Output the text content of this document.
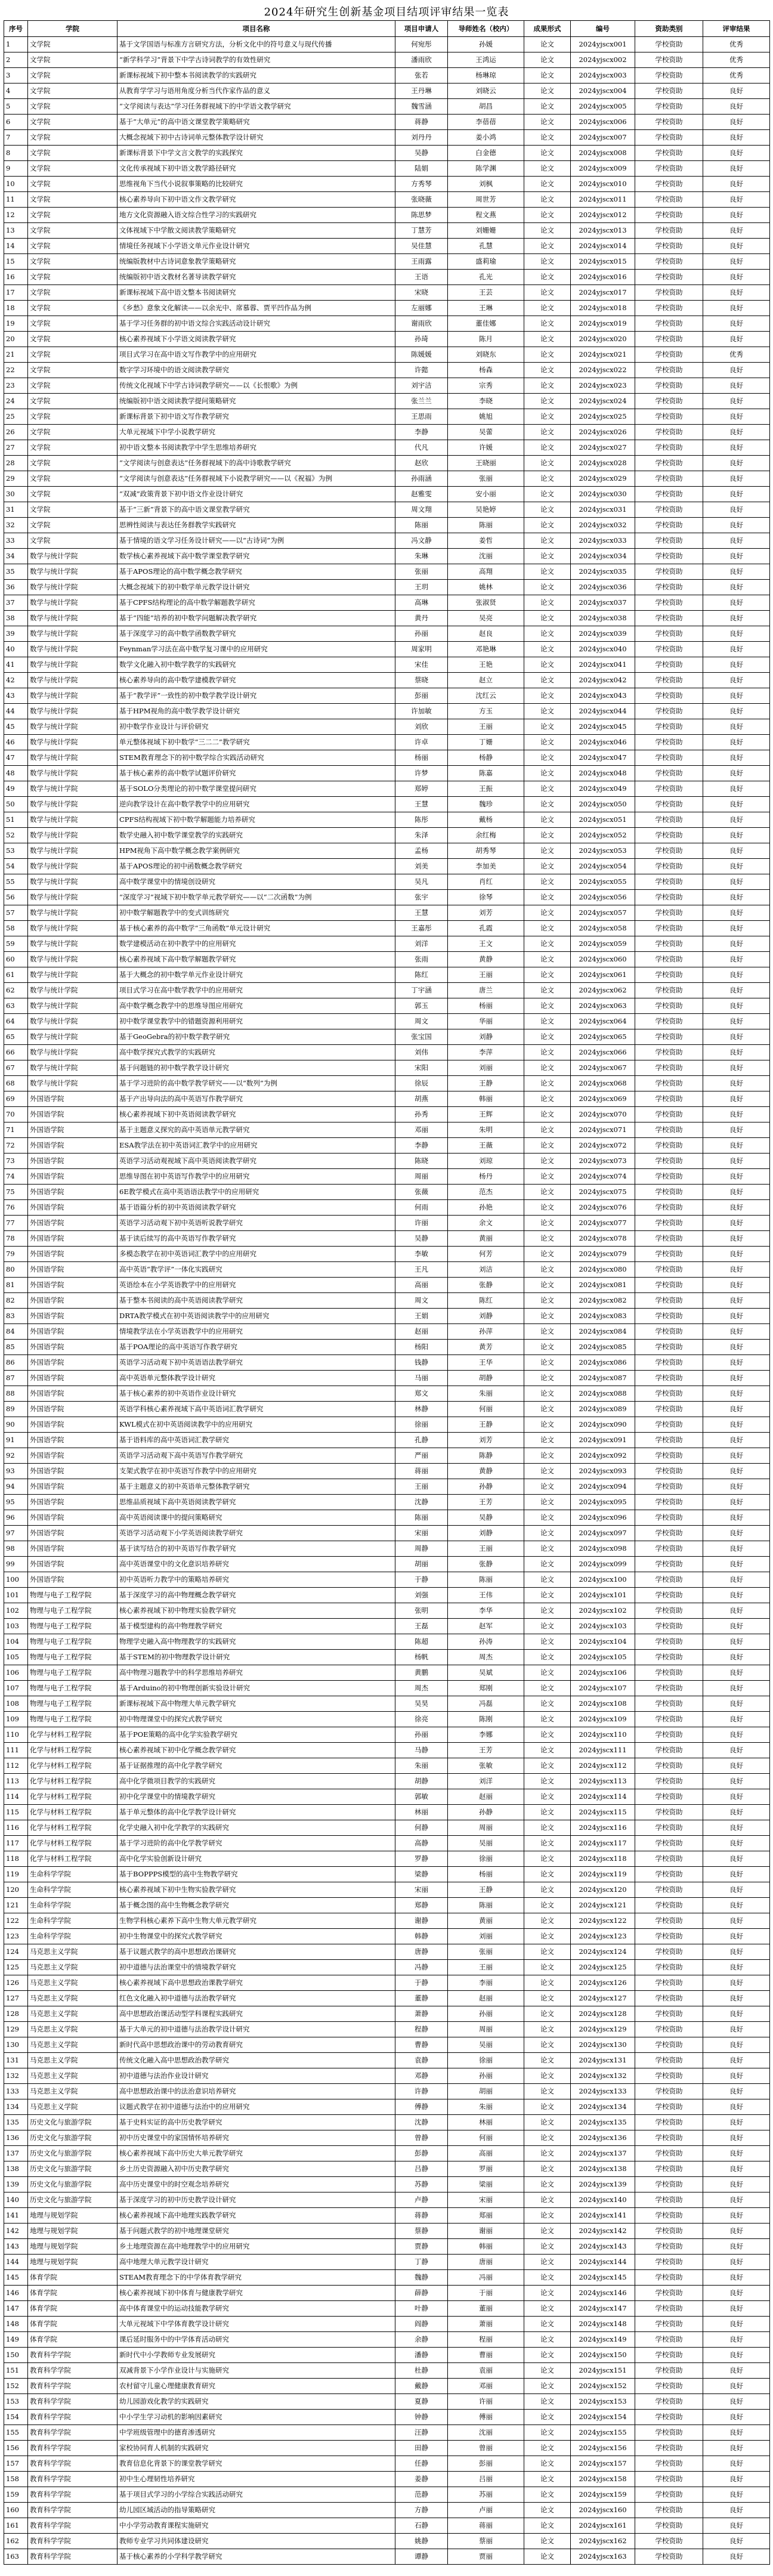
2024年研究生创新基金项目结项评审结果一览表
序号	学院	项目名称	项目申请人	导师姓名（校内）	成果形式	编号	资助类别	评审结果
1	文学院	基于文学国语与标准方言研究方法，分析文化中的符号意义与现代传播	何宛彤	孙媛	论文	2024yjscx001	学校资助	优秀
2	文学院	“新学科学习”背景下中学古诗词教学的有效性研究	潘雨欣	王鸿运	论文	2024yjscx002	学校资助	优秀
3	文学院	新课标视域下初中整本书阅读教学的实践研究	张若	杨琳琼	论文	2024yjscx003	学校资助	优秀
4	文学院	从教育学学习与语用角度分析当代作家作品的意义	王丹琳	刘晓云	论文	2024yjscx004	学校资助	良好
5	文学院	“文学阅读与表达”学习任务群视域下的中学语文教学研究	魏雪涵	胡昌	论文	2024yjscx005	学校资助	良好
6	文学院	基于“大单元”的高中语文课堂教学策略研究	蒋静	李蓓蓓	论文	2024yjscx006	学校资助	良好
7	文学院	大概念视域下初中古诗词单元整体教学设计研究	刘丹丹	姜小鸿	论文	2024yjscx007	学校资助	良好
8	文学院	新课标背景下中学文言文教学的实践探究	吴静	白金德	论文	2024yjscx008	学校资助	良好
9	文学院	文化传承视域下初中语文教学路径研究	陆娟	陈学渊	论文	2024yjscx009	学校资助	良好
10	文学院	思维视角下当代小说叙事策略的比较研究	方秀琴	刘枫	论文	2024yjscx010	学校资助	良好
11	文学院	核心素养导向下初中语文作文教学研究	张晓薇	周世芳	论文	2024yjscx011	学校资助	良好
12	文学院	地方文化资源融入语文综合性学习的实践研究	陈思梦	程文燕	论文	2024yjscx012	学校资助	良好
13	文学院	文体视域下中学散文阅读教学策略研究	丁慧芳	刘姗姗	论文	2024yjscx013	学校资助	良好
14	文学院	情境任务视域下小学语文单元作业设计研究	吴佳慧	孔慧	论文	2024yjscx014	学校资助	良好
15	文学院	统编版教材中古诗词意象教学策略研究	王雨露	盛莉瑜	论文	2024yjscx015	学校资助	良好
16	文学院	统编版初中语文教材名著导读教学研究	王语	孔光	论文	2024yjscx016	学校资助	良好
17	文学院	新课标视域下高中语文整本书阅读研究	宋晓	王芸	论文	2024yjscx017	学校资助	良好
18	文学院	《乡愁》意象文化解读——以余光中、席慕蓉、贾平凹作品为例	左丽娜	王琳	论文	2024yjscx018	学校资助	良好
19	文学院	基于学习任务群的初中语文综合实践活动设计研究	谢雨欣	董佳娜	论文	2024yjscx019	学校资助	良好
20	文学院	核心素养视域下小学语文阅读教学研究	孙琦	陈月	论文	2024yjscx020	学校资助	良好
21	文学院	项目式学习在高中语文写作教学中的应用研究	陈媛媛	刘晓东	论文	2024yjscx021	学校资助	优秀
22	文学院	数字学习环境中的语文阅读教学研究	许懿	杨森	论文	2024yjscx022	学校资助	良好
23	文学院	传统文化视域下中学古诗词教学研究——以《长恨歌》为例	刘宇洁	宗秀	论文	2024yjscx023	学校资助	良好
24	文学院	统编版初中语文阅读教学提问策略研究	张兰兰	李晓	论文	2024yjscx024	学校资助	良好
25	文学院	新课标背景下初中语文写作教学研究	王思雨	姚旭	论文	2024yjscx025	学校资助	良好
26	文学院	大单元视域下中学小说教学研究	李静	吴蕾	论文	2024yjscx026	学校资助	良好
27	文学院	初中语文整本书阅读教学中学生思维培养研究	代凡	许媛	论文	2024yjscx027	学校资助	良好
28	文学院	“文学阅读与创意表达”任务群视域下的高中诗歌教学研究	赵欣	王晓丽	论文	2024yjscx028	学校资助	良好
29	文学院	“文学阅读与创意表达”任务群视域下小说教学研究——以《祝福》为例	孙雨涵	张丽	论文	2024yjscx029	学校资助	良好
30	文学院	“双减”政策背景下初中语文作业设计研究	赵雅雯	安小丽	论文	2024yjscx030	学校资助	良好
31	文学院	基于“三新”背景下的高中语文课堂教学研究	周文翔	吴艳婷	论文	2024yjscx031	学校资助	良好
32	文学院	思辨性阅读与表达任务群教学实践研究	陈丽	陈丽	论文	2024yjscx032	学校资助	良好
33	文学院	基于情境的语文学习任务设计研究——以“古诗词”为例	冯文静	姜哲	论文	2024yjscx033	学校资助	良好
34	数学与统计学院	数学核心素养视域下高中数学课堂教学研究	朱琳	沈丽	论文	2024yjscx034	学校资助	良好
35	数学与统计学院	基于APOS理论的高中数学概念教学研究	张丽	高翔	论文	2024yjscx035	学校资助	良好
36	数学与统计学院	大概念视域下的初中数学单元教学设计研究	王玥	姚林	论文	2024yjscx036	学校资助	良好
37	数学与统计学院	基于CPFS结构理论的高中数学解题教学研究	高琳	张淑贤	论文	2024yjscx037	学校资助	良好
38	数学与统计学院	基于“四能”培养的初中数学问题解决教学研究	黄丹	吴亮	论文	2024yjscx038	学校资助	良好
39	数学与统计学院	基于深度学习的高中数学函数教学研究	孙丽	赵良	论文	2024yjscx039	学校资助	良好
40	数学与统计学院	Feynman学习法在高中数学复习课中的应用研究	周家明	邓艳琳	论文	2024yjscx040	学校资助	良好
41	数学与统计学院	数学文化融入初中数学教学的实践研究	宋佳	王艳	论文	2024yjscx041	学校资助	良好
42	数学与统计学院	核心素养导向的高中数学建模教学研究	蔡晓	赵立	论文	2024yjscx042	学校资助	良好
43	数学与统计学院	基于“教学评”一致性的初中数学教学设计研究	彭丽	沈红云	论文	2024yjscx043	学校资助	良好
44	数学与统计学院	基于HPM视角的高中数学教学设计研究	许加敏	方玉	论文	2024yjscx044	学校资助	良好
45	数学与统计学院	初中数学作业设计与评价研究	刘欣	王丽	论文	2024yjscx045	学校资助	良好
46	数学与统计学院	单元整体视域下初中数学“三二二”教学研究	许卓	丁姗	论文	2024yjscx046	学校资助	良好
47	数学与统计学院	STEM教育理念下的初中数学综合实践活动研究	杨丽	杨静	论文	2024yjscx047	学校资助	良好
48	数学与统计学院	基于核心素养的高中数学试题评价研究	许梦	陈嘉	论文	2024yjscx048	学校资助	良好
49	数学与统计学院	基于SOLO分类理论的初中数学课堂提问研究	郑婷	王振	论文	2024yjscx049	学校资助	良好
50	数学与统计学院	逆向教学设计在高中数学教学中的应用研究	王慧	魏珍	论文	2024yjscx050	学校资助	良好
51	数学与统计学院	CPFS结构视域下初中数学解题能力培养研究	陈彤	戴杨	论文	2024yjscx051	学校资助	良好
52	数学与统计学院	数学史融入初中数学课堂教学的实践研究	朱泽	余红梅	论文	2024yjscx052	学校资助	良好
53	数学与统计学院	HPM视角下高中数学概念教学案例研究	孟杨	胡秀琴	论文	2024yjscx053	学校资助	良好
54	数学与统计学院	基于APOS理论的初中函数概念教学研究	刘美	李加美	论文	2024yjscx054	学校资助	良好
55	数学与统计学院	高中数学课堂中的情境创设研究	吴凡	肖红	论文	2024yjscx055	学校资助	良好
56	数学与统计学院	“深度学习”视域下初中数学单元教学研究——以“二次函数”为例	张宇	徐琴	论文	2024yjscx056	学校资助	良好
57	数学与统计学院	初中数学解题教学中的变式训练研究	王慧	刘芳	论文	2024yjscx057	学校资助	良好
58	数学与统计学院	基于核心素养的高中数学“三角函数”单元设计研究	王嘉彤	孔霞	论文	2024yjscx058	学校资助	良好
59	数学与统计学院	数学建模活动在初中教学中的应用研究	刘洋	王文	论文	2024yjscx059	学校资助	良好
60	数学与统计学院	核心素养视域下高中数学解题教学研究	张雨	黄静	论文	2024yjscx060	学校资助	良好
61	数学与统计学院	基于大概念的初中数学单元作业设计研究	陈红	王丽	论文	2024yjscx061	学校资助	良好
62	数学与统计学院	项目式学习在高中数学教学中的应用研究	丁宇涵	唐兰	论文	2024yjscx062	学校资助	良好
63	数学与统计学院	高中数学概念教学中的思维导图应用研究	郭玉	杨丽	论文	2024yjscx063	学校资助	良好
64	数学与统计学院	初中数学课堂教学中的错题资源利用研究	周文	华丽	论文	2024yjscx064	学校资助	良好
65	数学与统计学院	基于GeoGebra的初中数学教学研究	张宝国	刘静	论文	2024yjscx065	学校资助	良好
66	数学与统计学院	高中数学探究式教学的实践研究	刘伟	李萍	论文	2024yjscx066	学校资助	良好
67	数学与统计学院	基于问题链的初中数学教学设计研究	宋阳	刘丽	论文	2024yjscx067	学校资助	良好
68	数学与统计学院	基于学习进阶的高中数学教学研究——以“数列”为例	徐辰	王静	论文	2024yjscx068	学校资助	良好
69	外国语学院	基于产出导向法的高中英语写作教学研究	胡燕	韩丽	论文	2024yjscx069	学校资助	良好
70	外国语学院	核心素养视域下初中英语阅读教学研究	孙秀	王辉	论文	2024yjscx070	学校资助	良好
71	外国语学院	基于主题意义探究的高中英语单元教学研究	邓丽	朱明	论文	2024yjscx071	学校资助	良好
72	外国语学院	ESA教学法在初中英语词汇教学中的应用研究	李静	王薇	论文	2024yjscx072	学校资助	良好
73	外国语学院	英语学习活动观视域下高中英语阅读教学研究	陈晓	刘琼	论文	2024yjscx073	学校资助	良好
74	外国语学院	思维导图在初中英语写作教学中的应用研究	周丽	杨丹	论文	2024yjscx074	学校资助	良好
75	外国语学院	6E教学模式在高中英语语法教学中的应用研究	张薇	范杰	论文	2024yjscx075	学校资助	良好
76	外国语学院	基于语篇分析的初中英语阅读教学研究	何雨	孙艳	论文	2024yjscx076	学校资助	良好
77	外国语学院	英语学习活动观下初中英语听说教学研究	许丽	余文	论文	2024yjscx077	学校资助	良好
78	外国语学院	基于读后续写的高中英语写作教学研究	吴静	黄丽	论文	2024yjscx078	学校资助	良好
79	外国语学院	多模态教学在初中英语词汇教学中的应用研究	李敏	何芳	论文	2024yjscx079	学校资助	良好
80	外国语学院	高中英语“教学评”一体化实践研究	王凡	刘洁	论文	2024yjscx080	学校资助	良好
81	外国语学院	英语绘本在小学英语教学中的应用研究	高丽	张静	论文	2024yjscx081	学校资助	良好
82	外国语学院	基于整本书阅读的高中英语阅读教学研究	周文	陈红	论文	2024yjscx082	学校资助	良好
83	外国语学院	DRTA教学模式在初中英语阅读教学中的应用研究	王娟	刘静	论文	2024yjscx083	学校资助	良好
84	外国语学院	情境教学法在小学英语教学中的应用研究	赵丽	孙萍	论文	2024yjscx084	学校资助	良好
85	外国语学院	基于POA理论的高中英语写作教学研究	杨阳	黄芳	论文	2024yjscx085	学校资助	良好
86	外国语学院	英语学习活动观下初中英语语法教学研究	钱静	王华	论文	2024yjscx086	学校资助	良好
87	外国语学院	高中英语单元整体教学设计研究	马丽	胡静	论文	2024yjscx087	学校资助	良好
88	外国语学院	基于核心素养的初中英语作业设计研究	郑文	朱丽	论文	2024yjscx088	学校资助	良好
89	外国语学院	英语学科核心素养视域下高中英语词汇教学研究	林静	何丽	论文	2024yjscx089	学校资助	良好
90	外国语学院	KWL模式在初中英语阅读教学中的应用研究	徐丽	王静	论文	2024yjscx090	学校资助	良好
91	外国语学院	基于语料库的高中英语词汇教学研究	孔静	刘芳	论文	2024yjscx091	学校资助	良好
92	外国语学院	英语学习活动观下高中英语写作教学研究	严丽	陈静	论文	2024yjscx092	学校资助	良好
93	外国语学院	支架式教学在初中英语写作教学中的应用研究	蒋丽	黄静	论文	2024yjscx093	学校资助	良好
94	外国语学院	基于主题意义的初中英语单元整体教学研究	王丽	孙静	论文	2024yjscx094	学校资助	良好
95	外国语学院	思维品质视域下高中英语阅读教学研究	沈静	王芳	论文	2024yjscx095	学校资助	良好
96	外国语学院	高中英语阅读课中的提问策略研究	陈丽	吴静	论文	2024yjscx096	学校资助	良好
97	外国语学院	英语学习活动观下小学英语阅读教学研究	宋丽	刘静	论文	2024yjscx097	学校资助	良好
98	外国语学院	基于读写结合的初中英语写作教学研究	周静	王丽	论文	2024yjscx098	学校资助	良好
99	外国语学院	高中英语课堂中的文化意识培养研究	胡丽	张静	论文	2024yjscx099	学校资助	良好
100	外国语学院	初中英语听力教学中的策略培养研究	于静	陈丽	论文	2024yjscx100	学校资助	良好
101	物理与电子工程学院	基于深度学习的高中物理概念教学研究	刘强	王伟	论文	2024yjscx101	学校资助	良好
102	物理与电子工程学院	核心素养视域下初中物理实验教学研究	张明	李华	论文	2024yjscx102	学校资助	良好
103	物理与电子工程学院	基于模型建构的高中物理教学研究	王磊	赵军	论文	2024yjscx103	学校资助	良好
104	物理与电子工程学院	物理学史融入高中物理教学的实践研究	陈超	孙涛	论文	2024yjscx104	学校资助	良好
105	物理与电子工程学院	基于STEM的初中物理教学设计研究	杨帆	周杰	论文	2024yjscx105	学校资助	良好
106	物理与电子工程学院	高中物理习题教学中的科学思维培养研究	黄鹏	吴斌	论文	2024yjscx106	学校资助	良好
107	物理与电子工程学院	基于Arduino的初中物理创新实验设计研究	周杰	郑刚	论文	2024yjscx107	学校资助	良好
108	物理与电子工程学院	新课标视域下高中物理大单元教学研究	吴昊	冯磊	论文	2024yjscx108	学校资助	良好
109	物理与电子工程学院	初中物理课堂中的探究式教学研究	徐亮	陈刚	论文	2024yjscx109	学校资助	良好
110	化学与材料工程学院	基于POE策略的高中化学实验教学研究	孙丽	李娜	论文	2024yjscx110	学校资助	良好
111	化学与材料工程学院	核心素养视域下初中化学概念教学研究	马静	王芳	论文	2024yjscx111	学校资助	良好
112	化学与材料工程学院	基于证据推理的高中化学教学研究	朱丽	张敏	论文	2024yjscx112	学校资助	良好
113	化学与材料工程学院	高中化学微项目教学的实践研究	胡静	刘洋	论文	2024yjscx113	学校资助	良好
114	化学与材料工程学院	初中化学课堂中的情境教学研究	郭敏	赵丽	论文	2024yjscx114	学校资助	良好
115	化学与材料工程学院	基于单元整体的高中化学教学设计研究	林丽	孙静	论文	2024yjscx115	学校资助	良好
116	化学与材料工程学院	化学史融入初中化学教学的实践研究	何静	周丽	论文	2024yjscx116	学校资助	良好
117	化学与材料工程学院	基于学习进阶的高中化学教学研究	高静	吴丽	论文	2024yjscx117	学校资助	良好
118	化学与材料工程学院	高中化学实验创新设计研究	罗静	徐丽	论文	2024yjscx118	学校资助	良好
119	生命科学学院	基于BOPPPS模型的高中生物教学研究	梁静	杨丽	论文	2024yjscx119	学校资助	良好
120	生命科学学院	核心素养视域下初中生物实验教学研究	宋丽	王静	论文	2024yjscx120	学校资助	良好
121	生命科学学院	基于概念图的高中生物概念教学研究	郑静	陈丽	论文	2024yjscx121	学校资助	良好
122	生命科学学院	生物学科核心素养下高中生物大单元教学研究	谢静	黄丽	论文	2024yjscx122	学校资助	良好
123	生命科学学院	初中生物课堂中的探究式教学研究	韩静	刘丽	论文	2024yjscx123	学校资助	良好
124	马克思主义学院	基于议题式教学的高中思想政治课研究	唐静	张丽	论文	2024yjscx124	学校资助	良好
125	马克思主义学院	初中道德与法治课堂中的情境教学研究	冯静	王丽	论文	2024yjscx125	学校资助	良好
126	马克思主义学院	核心素养视域下高中思想政治课教学研究	于静	李丽	论文	2024yjscx126	学校资助	良好
127	马克思主义学院	红色文化融入初中道德与法治教学研究	董静	赵丽	论文	2024yjscx127	学校资助	良好
128	马克思主义学院	高中思想政治课活动型学科课程实践研究	萧静	孙丽	论文	2024yjscx128	学校资助	良好
129	马克思主义学院	基于大单元的初中道德与法治教学设计研究	程静	周丽	论文	2024yjscx129	学校资助	良好
130	马克思主义学院	新时代高中思想政治课中的劳动教育研究	曹静	吴丽	论文	2024yjscx130	学校资助	良好
131	马克思主义学院	传统文化融入高中思想政治教学研究	袁静	徐丽	论文	2024yjscx131	学校资助	良好
132	马克思主义学院	初中道德与法治作业设计研究	邓静	孙丽	论文	2024yjscx132	学校资助	良好
133	马克思主义学院	高中思想政治课中的法治意识培养研究	许静	胡丽	论文	2024yjscx133	学校资助	良好
134	马克思主义学院	议题式教学在初中道德与法治中的应用研究	傅静	朱丽	论文	2024yjscx134	学校资助	良好
135	历史文化与旅游学院	基于史料实证的高中历史教学研究	沈静	林丽	论文	2024yjscx135	学校资助	良好
136	历史文化与旅游学院	初中历史课堂中的家国情怀培养研究	曾静	何丽	论文	2024yjscx136	学校资助	良好
137	历史文化与旅游学院	核心素养视域下高中历史大单元教学研究	彭静	高丽	论文	2024yjscx137	学校资助	良好
138	历史文化与旅游学院	乡土历史资源融入初中历史教学研究	吕静	罗丽	论文	2024yjscx138	学校资助	良好
139	历史文化与旅游学院	高中历史课堂中的时空观念培养研究	苏静	梁丽	论文	2024yjscx139	学校资助	良好
140	历史文化与旅游学院	基于深度学习的初中历史教学设计研究	卢静	宋丽	论文	2024yjscx140	学校资助	良好
141	地理与规划学院	核心素养视域下高中地理实践教学研究	蒋静	郑丽	论文	2024yjscx141	学校资助	良好
142	地理与规划学院	基于问题式教学的初中地理课堂研究	蔡静	谢丽	论文	2024yjscx142	学校资助	良好
143	地理与规划学院	乡土地理资源在高中地理教学中的应用研究	贾静	韩丽	论文	2024yjscx143	学校资助	良好
144	地理与规划学院	高中地理大单元教学设计研究	丁静	唐丽	论文	2024yjscx144	学校资助	良好
145	体育学院	STEAM教育理念下的中学体育教学研究	魏静	冯丽	论文	2024yjscx145	学校资助	良好
146	体育学院	核心素养视域下初中体育与健康教学研究	薛静	于丽	论文	2024yjscx146	学校资助	良好
147	体育学院	高中体育课堂中的运动技能教学研究	叶静	董丽	论文	2024yjscx147	学校资助	良好
148	体育学院	大单元视域下中学体育教学设计研究	阎静	萧丽	论文	2024yjscx148	学校资助	良好
149	体育学院	课后延时服务中的中学体育活动研究	余静	程丽	论文	2024yjscx149	学校资助	良好
150	教育科学学院	新时代中小学教师专业发展研究	潘静	曹丽	论文	2024yjscx150	学校资助	良好
151	教育科学学院	双减背景下小学作业设计与实施研究	杜静	袁丽	论文	2024yjscx151	学校资助	良好
152	教育科学学院	农村留守儿童心理健康教育研究	戴静	邓丽	论文	2024yjscx152	学校资助	良好
153	教育科学学院	幼儿园游戏化教学的实践研究	夏静	许丽	论文	2024yjscx153	学校资助	良好
154	教育科学学院	中小学生学习动机的影响因素研究	钟静	傅丽	论文	2024yjscx154	学校资助	良好
155	教育科学学院	中学班级管理中的德育渗透研究	汪静	沈丽	论文	2024yjscx155	学校资助	良好
156	教育科学学院	家校协同育人机制的实践研究	田静	曾丽	论文	2024yjscx156	学校资助	良好
157	教育科学学院	教育信息化背景下的课堂教学研究	任静	彭丽	论文	2024yjscx157	学校资助	良好
158	教育科学学院	初中生心理韧性培养研究	姜静	吕丽	论文	2024yjscx158	学校资助	良好
159	教育科学学院	基于项目式学习的小学综合实践活动研究	范静	苏丽	论文	2024yjscx159	学校资助	良好
160	教育科学学院	幼儿园区域活动的指导策略研究	方静	卢丽	论文	2024yjscx160	学校资助	良好
161	教育科学学院	中小学劳动教育课程实施研究	石静	蒋丽	论文	2024yjscx161	学校资助	良好
162	教育科学学院	教师专业学习共同体建设研究	姚静	蔡丽	论文	2024yjscx162	学校资助	良好
163	教育科学学院	基于核心素养的小学科学教学研究	谭静	贾丽	论文	2024yjscx163	学校资助	良好
